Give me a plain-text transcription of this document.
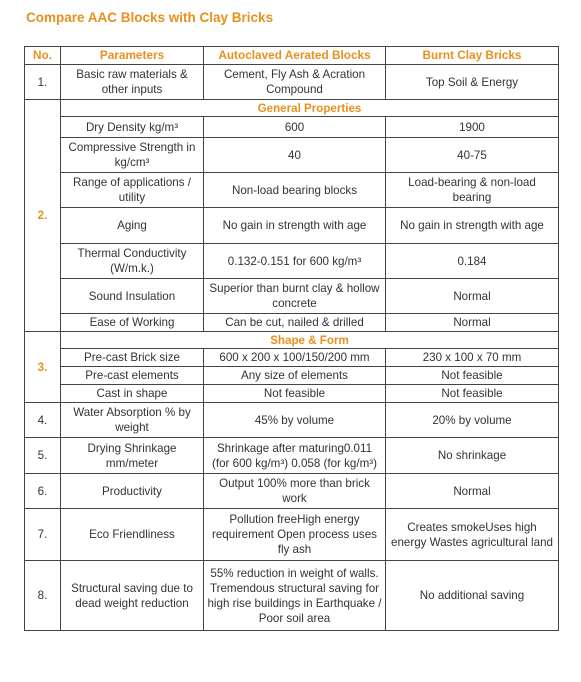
Compare AAC Blocks with Clay Bricks
No.	Parameters	Autoclaved Aerated Blocks	Burnt Clay Bricks
1.	Basic raw materials & other inputs	Cement, Fly Ash & Acration Compound	Top Soil & Energy
2.	General Properties		
	Dry Density kg/m³	600	1900
	Compressive Strength in kg/cm³	40	40-75
	Range of applications / utility	Non-load bearing blocks	Load-bearing & non-load bearing
	Aging	No gain in strength with age	No gain in strength with age
	Thermal Conductivity (W/m.k.)	0.132-0.151 for 600 kg/m³	0.184
	Sound Insulation	Superior than burnt clay & hollow concrete	Normal
	Ease of Working	Can be cut, nailed & drilled	Normal
3.	Shape & Form		
	Pre-cast Brick size	600 x 200 x 100/150/200 mm	230 x 100 x 70 mm
	Pre-cast elements	Any size of elements	Not feasible
	Cast in shape	Not feasible	Not feasible
4.	Water Absorption % by weight	45% by volume	20% by volume
5.	Drying Shrinkage mm/meter	Shrinkage after maturing0.011 (for 600 kg/m³) 0.058 (for kg/m³)	No shrinkage
6.	Productivity	Output 100% more than brick work	Normal
7.	Eco Friendliness	Pollution freeHigh energy requirement Open process uses fly ash	Creates smokeUses high energy Wastes agricultural land
8.	Structural saving due to dead weight reduction	55% reduction in weight of walls. Tremendous structural saving for high rise buildings in Earthquake / Poor soil area	No additional saving
